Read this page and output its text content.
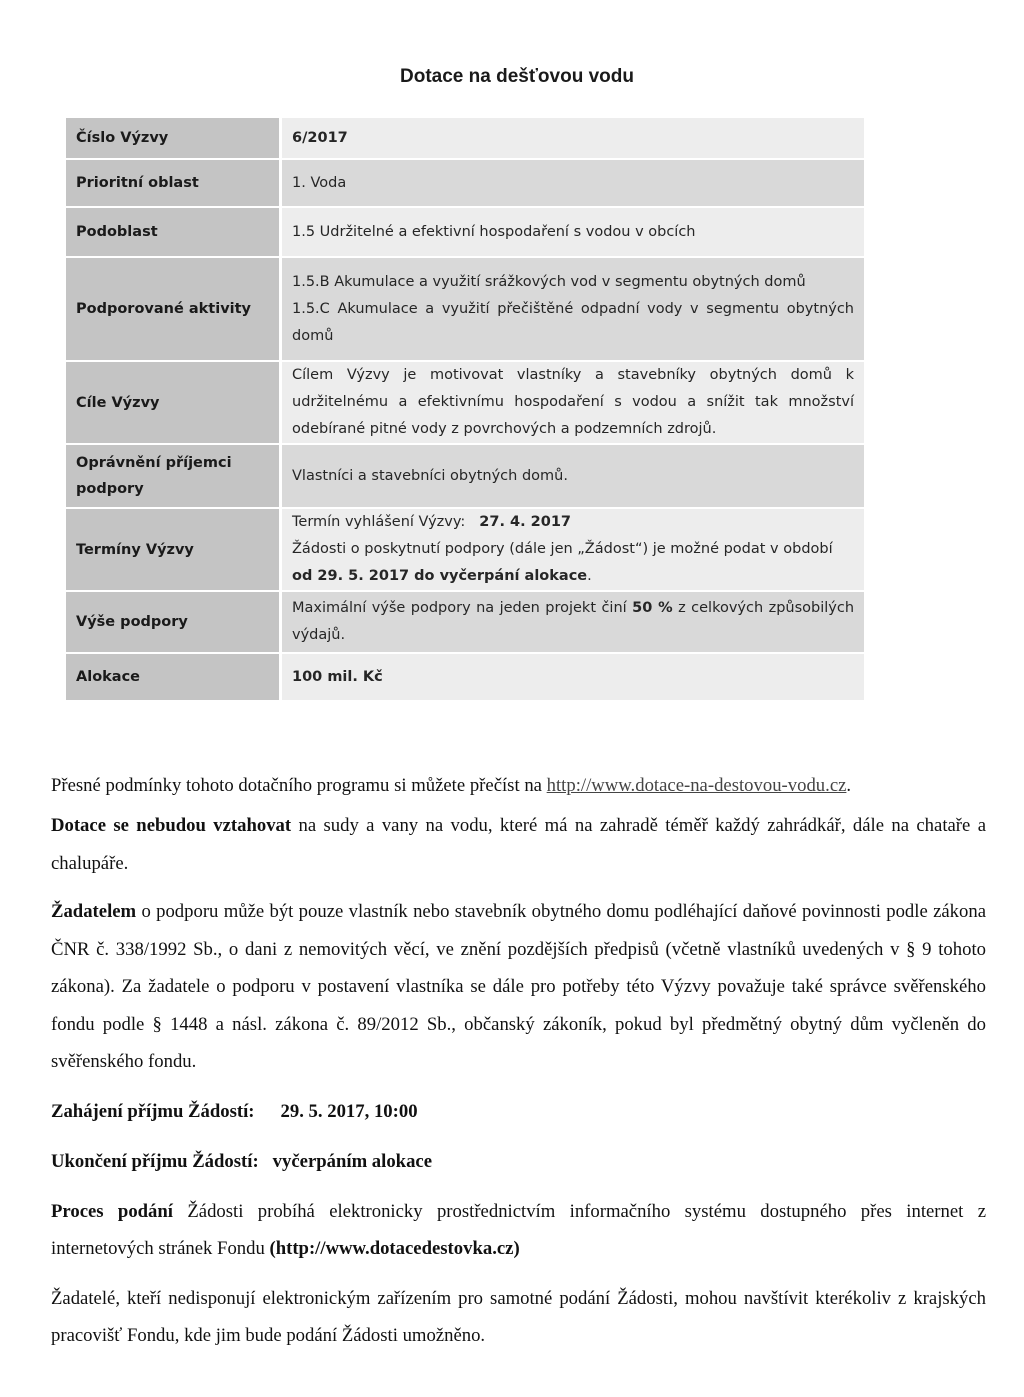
Dotace na dešťovou vodu
Číslo Výzvy	6/2017
Prioritní oblast	1. Voda
Podoblast	1.5 Udržitelné a efektivní hospodaření s vodou v obcích
Podporované aktivity	1.5.B Akumulace a využití srážkových vod v segmentu obytných domů

1.5.C Akumulace a využití přečištěné odpadní vody v segmentu obytných domů

Cíle Výzvy	Cílem Výzvy je motivovat vlastníky a stavebníky obytných domů k udržitelnému a efektivnímu hospodaření s vodou a snížit tak množství odebírané pitné vody z povrchových a podzemních zdrojů.
Oprávnění příjemci podpory	Vlastníci a stavebníci obytných domů.
Termíny Výzvy	Termín vyhlášení Výzvy: 27. 4. 2017

Žádosti o poskytnutí podpory (dále jen „Žádost“) je možné podat v období

od 29. 5. 2017 do vyčerpání alokace.

Výše podpory	Maximální výše podpory na jeden projekt činí 50 % z celkových způsobilých výdajů.
Alokace	100 mil. Kč

Přesné podmínky tohoto dotačního programu si můžete přečíst na http://www.dotace-na-destovou-vodu.cz.

Dotace se nebudou vztahovat na sudy a vany na vodu, které má na zahradě téměř každý zahrádkář, dále na chataře a chalupáře.

Žadatelem o podporu může být pouze vlastník nebo stavebník obytného domu podléhající daňové povinnosti podle zákona ČNR č. 338/1992 Sb., o dani z nemovitých věcí, ve znění pozdějších předpisů (včetně vlastníků uvedených v § 9 tohoto zákona). Za žadatele o podporu v postavení vlastníka se dále pro potřeby této Výzvy považuje také správce svěřenského fondu podle § 1448 a násl. zákona č. 89/2012 Sb., občanský zákoník, pokud byl předmětný obytný dům vyčleněn do svěřenského fondu.

Zahájení příjmu Žádostí: 29. 5. 2017, 10:00

Ukončení příjmu Žádostí: vyčerpáním alokace

Proces podání Žádosti probíhá elektronicky prostřednictvím informačního systému dostupného přes internet z internetových stránek Fondu (http://www.dotacedestovka.cz)

Žadatelé, kteří nedisponují elektronickým zařízením pro samotné podání Žádosti, mohou navštívit kterékoliv z krajských pracovišť Fondu, kde jim bude podání Žádosti umožněno.
